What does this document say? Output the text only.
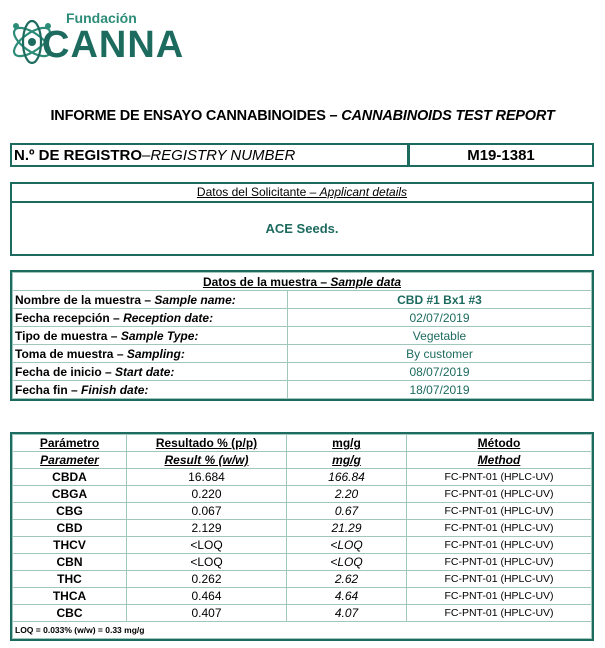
Fundación
CANNA
INFORME DE ENSAYO CANNABINOIDES – CANNABINOIDS TEST REPORT
N.º DE REGISTRO – REGISTRY NUMBER	M19-1381
Datos del Solicitante – Applicant details
ACE Seeds.
Datos de la muestra – Sample data	
Nombre de la muestra – Sample name:	CBD #1 Bx1 #3
Fecha recepción – Reception date:	02/07/2019
Tipo de muestra – Sample Type:	Vegetable
Toma de muestra – Sampling:	By customer
Fecha de inicio – Start date:	08/07/2019
Fecha fin – Finish date:	18/07/2019
Parámetro	Resultado % (p/p)	mg/g	Método
Parameter	Result % (w/w)	mg/g	Method
CBDA	16.684	166.84	FC-PNT-01 (HPLC-UV)
CBGA	0.220	2.20	FC-PNT-01 (HPLC-UV)
CBG	0.067	0.67	FC-PNT-01 (HPLC-UV)
CBD	2.129	21.29	FC-PNT-01 (HPLC-UV)
THCV	<LOQ	<LOQ	FC-PNT-01 (HPLC-UV)
CBN	<LOQ	<LOQ	FC-PNT-01 (HPLC-UV)
THC	0.262	2.62	FC-PNT-01 (HPLC-UV)
THCA	0.464	4.64	FC-PNT-01 (HPLC-UV)
CBC	0.407	4.07	FC-PNT-01 (HPLC-UV)
LOQ = 0.033% (w/w) = 0.33 mg/g			
